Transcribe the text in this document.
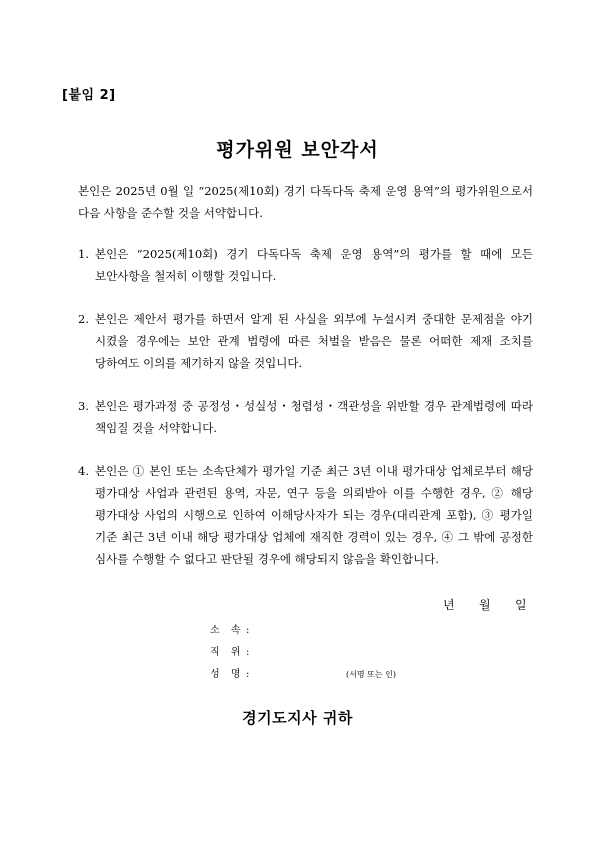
[붙임 2]
평가위원 보안각서
본인은 2025년 0월 일 “2025(제10회) 경기 다독다독 축제 운영 용역”의 평가위원으로서 다음 사항을 준수할 것을 서약합니다.
1. 본인은 “2025(제10회) 경기 다독다독 축제 운영 용역”의 평가를 할 때에 모든 보안사항을 철저히 이행할 것입니다.
2. 본인은 제안서 평가를 하면서 알게 된 사실을 외부에 누설시켜 중대한 문제점을 야기 시켰을 경우에는 보안 관계 법령에 따른 처벌을 받음은 물론 어떠한 제재 조치를 당하여도 이의를 제기하지 않을 것입니다.
3. 본인은 평가과정 중 공정성・성실성・청렴성・객관성을 위반할 경우 관계법령에 따라 책임질 것을 서약합니다.
4. 본인은 ① 본인 또는 소속단체가 평가일 기준 최근 3년 이내 평가대상 업체로부터 해당 평가대상 사업과 관련된 용역, 자문, 연구 등을 의뢰받아 이를 수행한 경우, ② 해당 평가대상 사업의 시행으로 인하여 이해당사자가 되는 경우(대리관계 포함), ③ 평가일 기준 최근 3년 이내 해당 평가대상 업체에 재직한 경력이 있는 경우, ④ 그 밖에 공정한 심사를 수행할 수 없다고 판단될 경우에 해당되지 않음을 확인합니다.
년	월	일
소 속 :
직 위 :
성 명 :	(서명 또는 인)
경기도지사 귀하
